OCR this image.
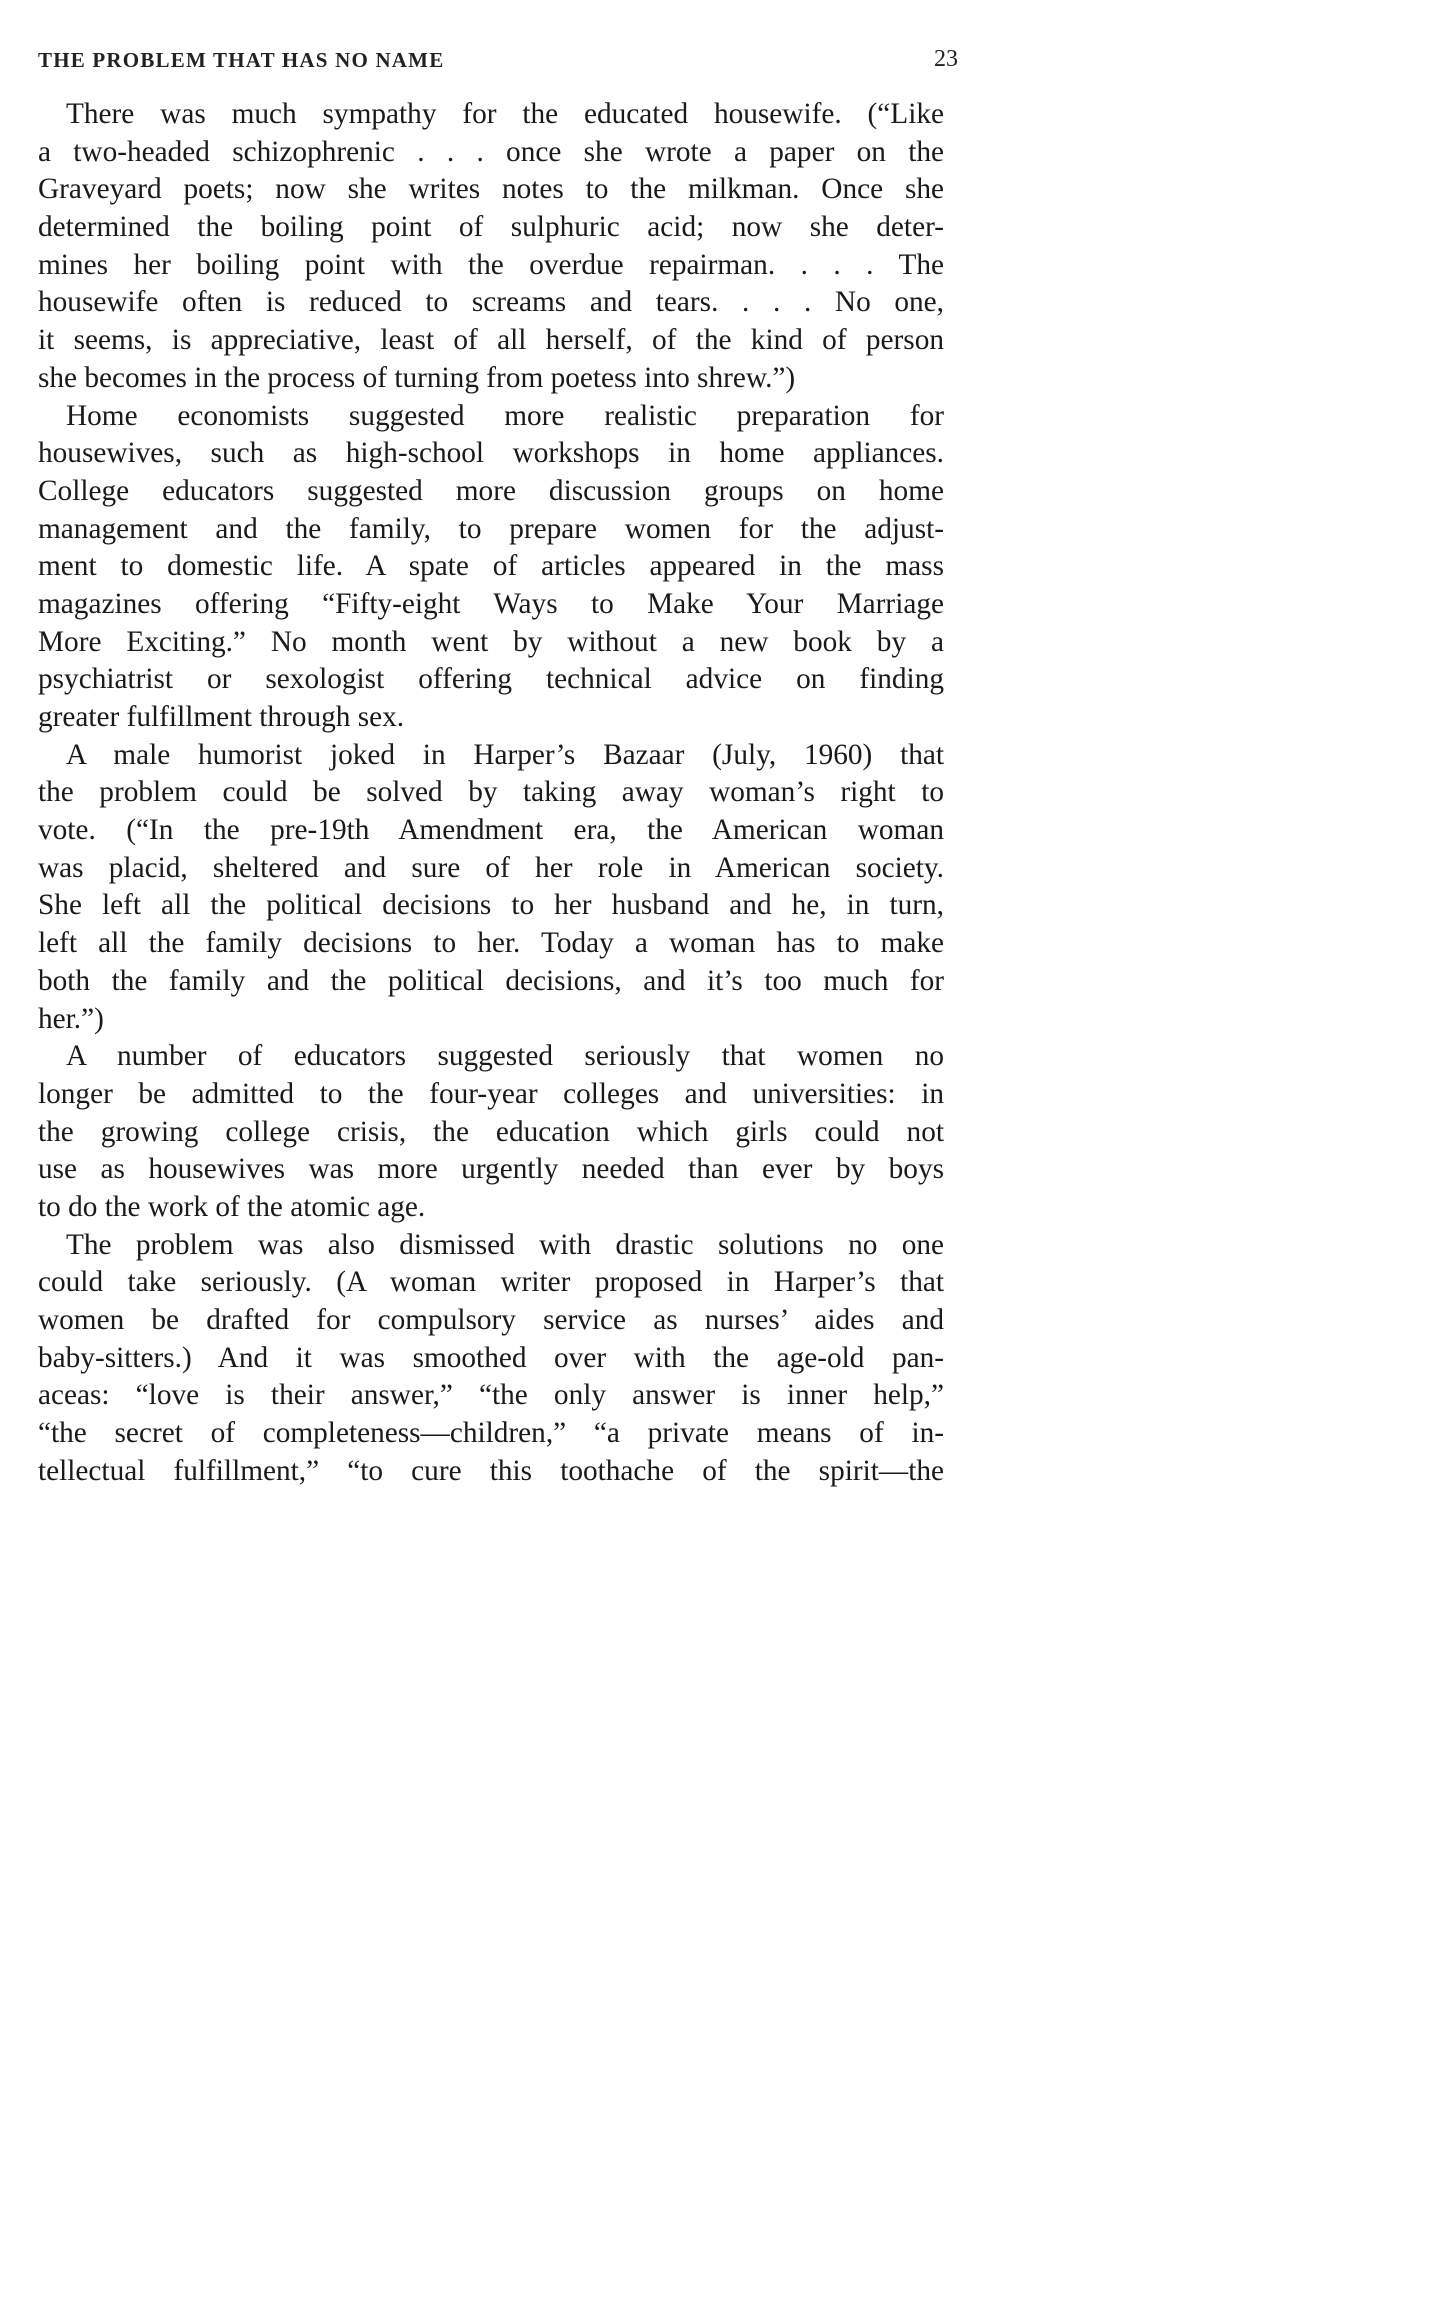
THE PROBLEM THAT HAS NO NAME	23
There was much sympathy for the educated housewife. (“Like
a two-headed schizophrenic . . . once she wrote a paper on the
Graveyard poets; now she writes notes to the milkman. Once she
determined the boiling point of sulphuric acid; now she deter-
mines her boiling point with the overdue repairman. . . . The
housewife often is reduced to screams and tears. . . . No one,
it seems, is appreciative, least of all herself, of the kind of person
she becomes in the process of turning from poetess into shrew.”)
Home economists suggested more realistic preparation for
housewives, such as high-school workshops in home appliances.
College educators suggested more discussion groups on home
management and the family, to prepare women for the adjust-
ment to domestic life. A spate of articles appeared in the mass
magazines offering “Fifty-eight Ways to Make Your Marriage
More Exciting.” No month went by without a new book by a
psychiatrist or sexologist offering technical advice on finding
greater fulfillment through sex.
A male humorist joked in Harper’s Bazaar (July, 1960) that
the problem could be solved by taking away woman’s right to
vote. (“In the pre-19th Amendment era, the American woman
was placid, sheltered and sure of her role in American society.
She left all the political decisions to her husband and he, in turn,
left all the family decisions to her. Today a woman has to make
both the family and the political decisions, and it’s too much for
her.”)
A number of educators suggested seriously that women no
longer be admitted to the four-year colleges and universities: in
the growing college crisis, the education which girls could not
use as housewives was more urgently needed than ever by boys
to do the work of the atomic age.
The problem was also dismissed with drastic solutions no one
could take seriously. (A woman writer proposed in Harper’s that
women be drafted for compulsory service as nurses’ aides and
baby-sitters.) And it was smoothed over with the age-old pan-
aceas: “love is their answer,” “the only answer is inner help,”
“the secret of completeness—children,” “a private means of in-
tellectual fulfillment,” “to cure this toothache of the spirit—the
